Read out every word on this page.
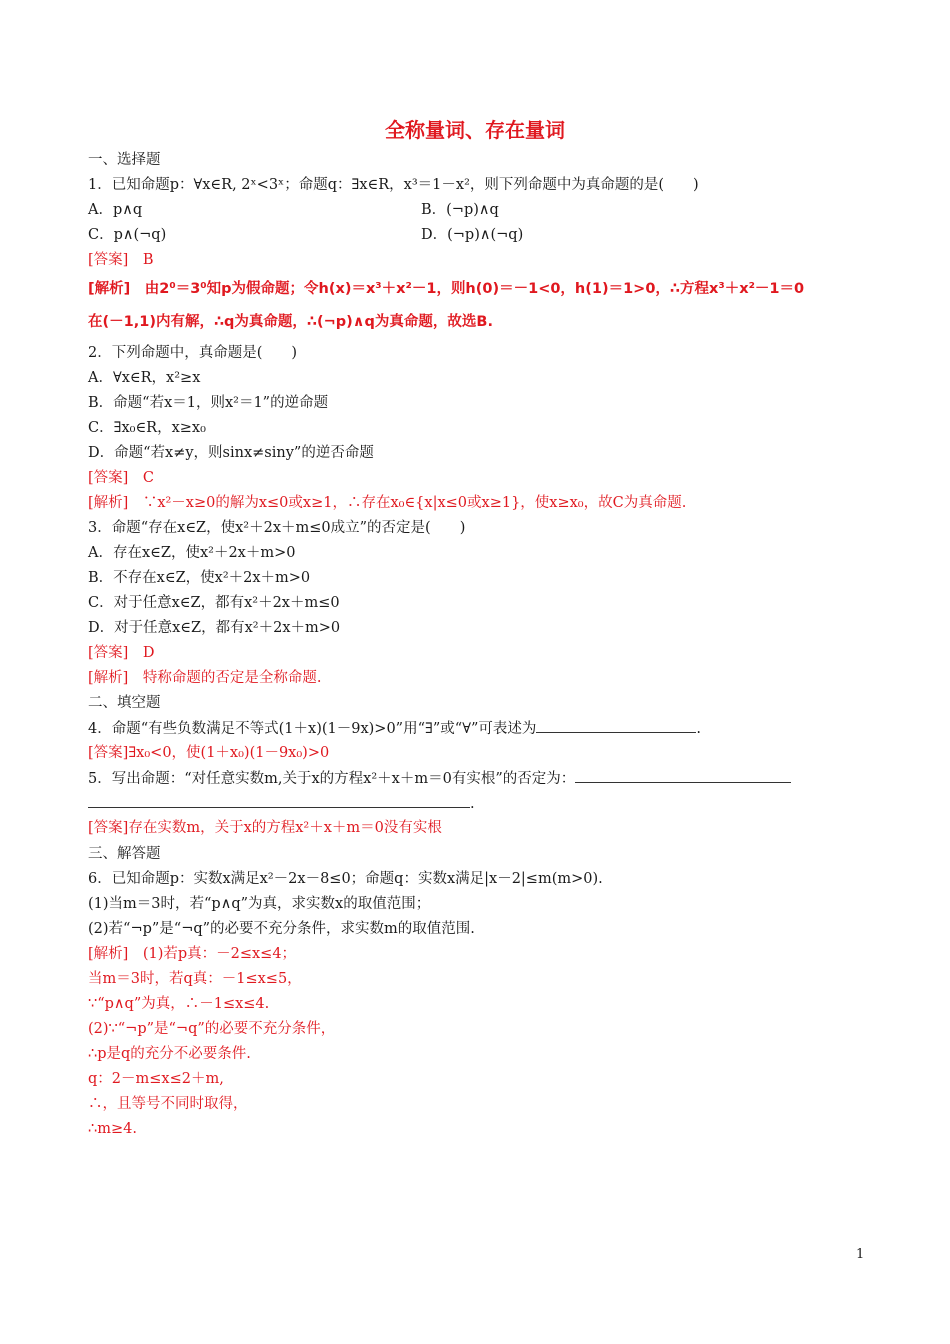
全称量词、存在量词
一、选择题
1．已知命题p：∀x∈R, 2ˣ<3ˣ；命题q：∃x∈R，x³＝1－x²，则下列命题中为真命题的是(　　)
A．p∧q	B．(¬p)∧q
C．p∧(¬q)	D．(¬p)∧(¬q)
[答案]　B
[解析]　由2⁰＝3⁰知p为假命题；令h(x)＝x³＋x²－1，则h(0)＝－1<0，h(1)＝1>0，∴方程x³＋x²－1＝0
在(－1,1)内有解，∴q为真命题，∴(¬p)∧q为真命题，故选B.
2．下列命题中，真命题是(　　)
A．∀x∈R，x²≥x
B．命题“若x＝1，则x²＝1”的逆命题
C．∃x₀∈R，x≥x₀
D．命题“若x≠y，则sinx≠siny”的逆否命题
[答案]　C
[解析]　∵x²－x≥0的解为x≤0或x≥1，∴存在x₀∈{x|x≤0或x≥1}，使x≥x₀，故C为真命题.
3．命题“存在x∈Z，使x²＋2x＋m≤0成立”的否定是(　　)
A．存在x∈Z，使x²＋2x＋m>0
B．不存在x∈Z，使x²＋2x＋m>0
C．对于任意x∈Z，都有x²＋2x＋m≤0
D．对于任意x∈Z，都有x²＋2x＋m>0
[答案]　D
[解析]　特称命题的否定是全称命题.
二、填空题
4．命题“有些负数满足不等式(1＋x)(1－9x)>0”用“∃”或“∀”可表述为	.
[答案]∃x₀<0，使(1＋x₀)(1－9x₀)>0
5．写出命题：“对任意实数m,关于x的方程x²＋x＋m＝0有实根”的否定为：
.
[答案]存在实数m，关于x的方程x²＋x＋m＝0没有实根
三、解答题
6．已知命题p：实数x满足x²－2x－8≤0；命题q：实数x满足|x－2|≤m(m>0).
(1)当m＝3时，若“p∧q”为真，求实数x的取值范围；
(2)若“¬p”是“¬q”的必要不充分条件，求实数m的取值范围.
[解析]　(1)若p真：－2≤x≤4；
当m＝3时，若q真：－1≤x≤5，
∵“p∧q”为真，∴－1≤x≤4.
(2)∵“¬p”是“¬q”的必要不充分条件，
∴p是q的充分不必要条件.
q：2－m≤x≤2＋m,
∴，且等号不同时取得，
∴m≥4.
1
